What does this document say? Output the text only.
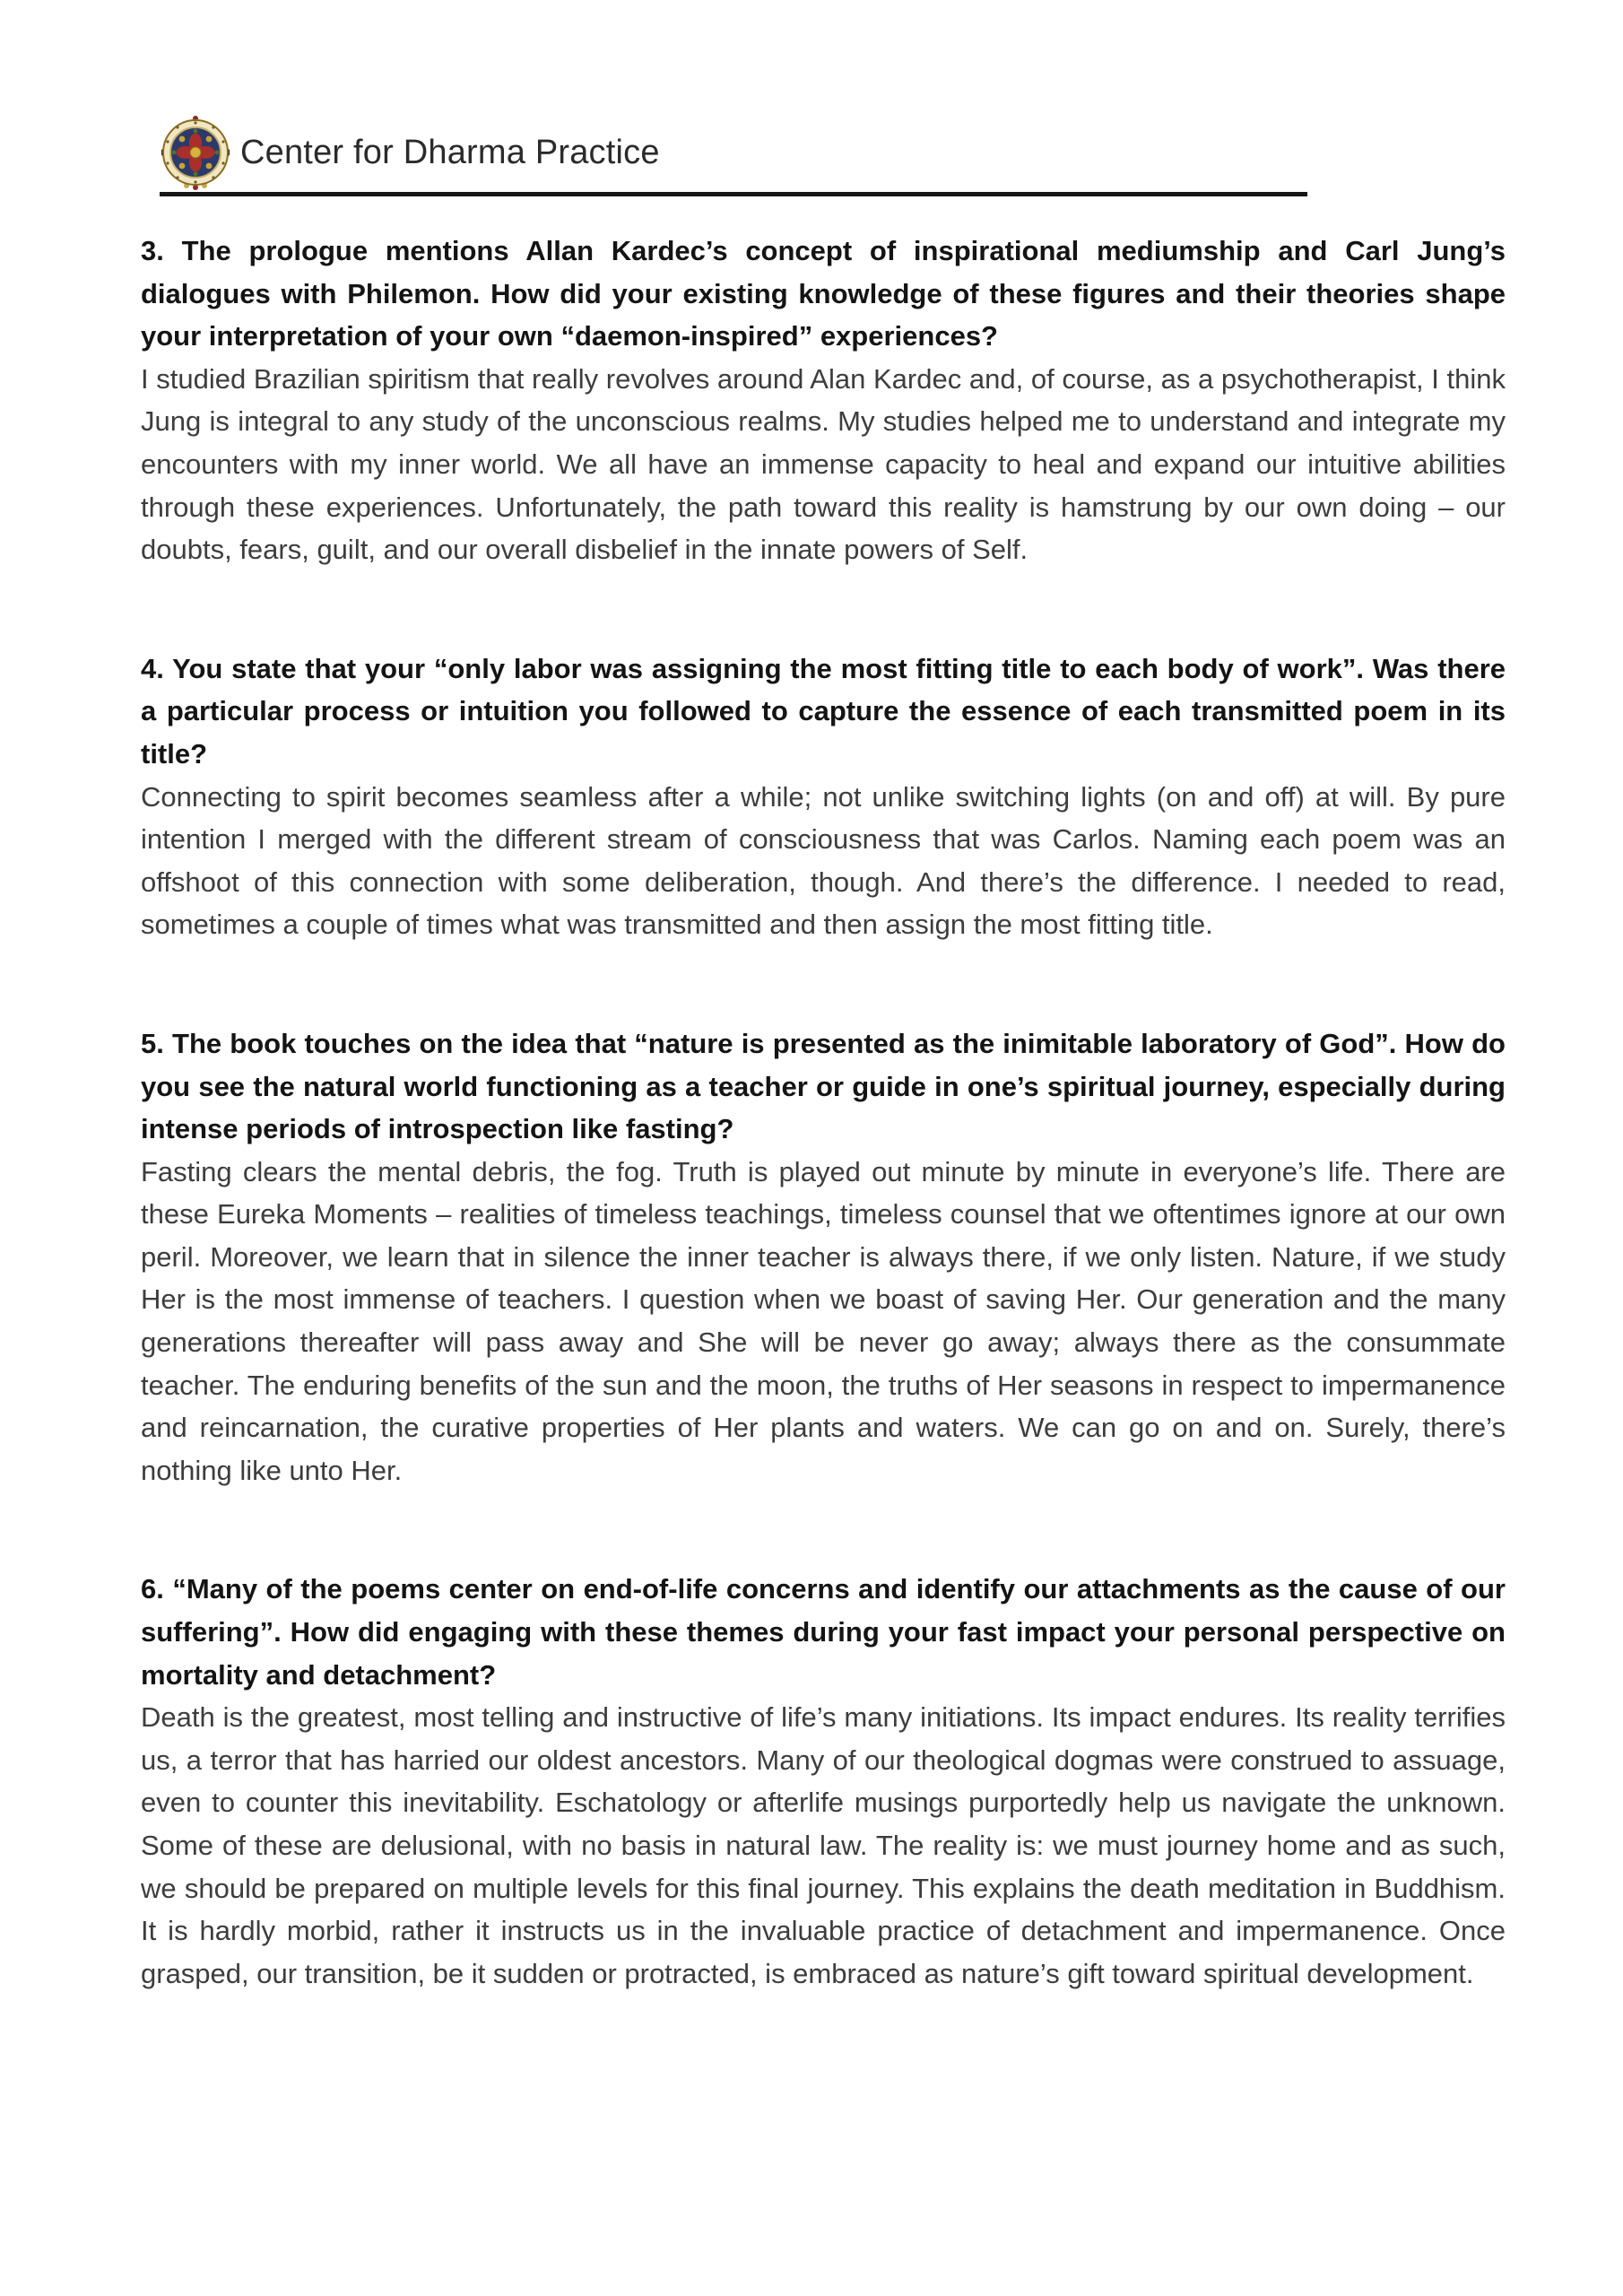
Center for Dharma Practice

3. The prologue mentions Allan Kardec’s concept of inspirational mediumship and Carl Jung’s dialogues with Philemon. How did your existing knowledge of these figures and their theories shape your interpretation of your own “daemon-inspired” experiences?

I studied Brazilian spiritism that really revolves around Alan Kardec and, of course, as a psychotherapist, I think Jung is integral to any study of the unconscious realms. My studies helped me to understand and integrate my encounters with my inner world. We all have an immense capacity to heal and expand our intuitive abilities through these experiences. Unfortunately, the path toward this reality is hamstrung by our own doing – our doubts, fears, guilt, and our overall disbelief in the innate powers of Self.

4. You state that your “only labor was assigning the most fitting title to each body of work”. Was there a particular process or intuition you followed to capture the essence of each transmitted poem in its title?

Connecting to spirit becomes seamless after a while; not unlike switching lights (on and off) at will. By pure intention I merged with the different stream of consciousness that was Carlos. Naming each poem was an offshoot of this connection with some deliberation, though. And there’s the difference. I needed to read, sometimes a couple of times what was transmitted and then assign the most fitting title.

5. The book touches on the idea that “nature is presented as the inimitable laboratory of God”. How do you see the natural world functioning as a teacher or guide in one’s spiritual journey, especially during intense periods of introspection like fasting?

Fasting clears the mental debris, the fog. Truth is played out minute by minute in everyone’s life. There are these Eureka Moments – realities of timeless teachings, timeless counsel that we oftentimes ignore at our own peril. Moreover, we learn that in silence the inner teacher is always there, if we only listen. Nature, if we study Her is the most immense of teachers. I question when we boast of saving Her. Our generation and the many generations thereafter will pass away and She will be never go away; always there as the consummate teacher. The enduring benefits of the sun and the moon, the truths of Her seasons in respect to impermanence and reincarnation, the curative properties of Her plants and waters. We can go on and on. Surely, there’s nothing like unto Her.

6. “Many of the poems center on end-of-life concerns and identify our attachments as the cause of our suffering”. How did engaging with these themes during your fast impact your personal perspective on mortality and detachment?

Death is the greatest, most telling and instructive of life’s many initiations. Its impact endures. Its reality terrifies us, a terror that has harried our oldest ancestors. Many of our theological dogmas were construed to assuage, even to counter this inevitability. Eschatology or afterlife musings purportedly help us navigate the unknown. Some of these are delusional, with no basis in natural law. The reality is: we must journey home and as such, we should be prepared on multiple levels for this final journey. This explains the death meditation in Buddhism. It is hardly morbid, rather it instructs us in the invaluable practice of detachment and impermanence. Once grasped, our transition, be it sudden or protracted, is embraced as nature’s gift toward spiritual development.
